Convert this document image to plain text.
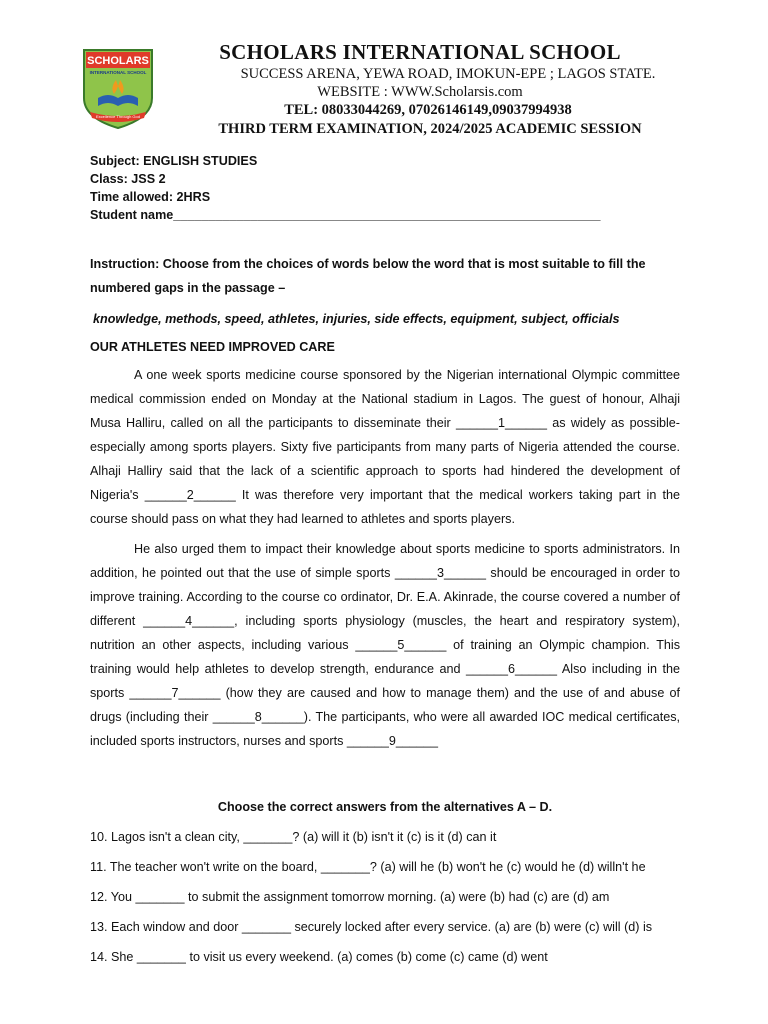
SCHOLARS
INTERNATIONAL SCHOOL
Excellence Through God
SCHOLARS INTERNATIONAL SCHOOL
SUCCESS ARENA, YEWA ROAD, IMOKUN-EPE ; LAGOS STATE.
WEBSITE : WWW.Scholarsis.com
TEL: 08033044269, 07026146149,09037994938
THIRD TERM EXAMINATION, 2024/2025 ACADEMIC SESSION
Subject: ENGLISH STUDIES
Class: JSS 2
Time allowed: 2HRS
Student name_____________________________________________________________
Instruction: Choose from the choices of words below the word that is most suitable to fill the numbered gaps in the passage –
knowledge, methods, speed, athletes, injuries, side effects, equipment, subject, officials
OUR ATHLETES NEED IMPROVED CARE

A one week sports medicine course sponsored by the Nigerian international Olympic committee medical commission ended on Monday at the National stadium in Lagos. The guest of honour, Alhaji Musa Halliru, called on all the participants to disseminate their ______1______ as widely as possible-especially among sports players. Sixty five participants from many parts of Nigeria attended the course. Alhaji Halliry said that the lack of a scientific approach to sports had hindered the development of Nigeria's ______2______ It was therefore very important that the medical workers taking part in the course should pass on what they had learned to athletes and sports players.

He also urged them to impact their knowledge about sports medicine to sports administrators. In addition, he pointed out that the use of simple sports ______3______ should be encouraged in order to improve training. According to the course co ordinator, Dr. E.A. Akinrade, the course covered a number of different ______4______, including sports physiology (muscles, the heart and respiratory system), nutrition an other aspects, including various ______5______ of training an Olympic champion. This training would help athletes to develop strength, endurance and ______6______ Also including in the sports ______7______ (how they are caused and how to manage them) and the use of and abuse of drugs (including their ______8______). The participants, who were all awarded IOC medical certificates, included sports instructors, nurses and sports ______9______

Choose the correct answers from the alternatives A – D.
10. Lagos isn't a clean city, _______? (a) will it (b) isn't it (c) is it (d) can it
11. The teacher won't write on the board, _______? (a) will he (b) won't he (c) would he (d) willn't he
12. You _______ to submit the assignment tomorrow morning. (a) were (b) had (c) are (d) am
13. Each window and door _______ securely locked after every service. (a) are (b) were (c) will (d) is
14. She _______ to visit us every weekend. (a) comes (b) come (c) came (d) went
